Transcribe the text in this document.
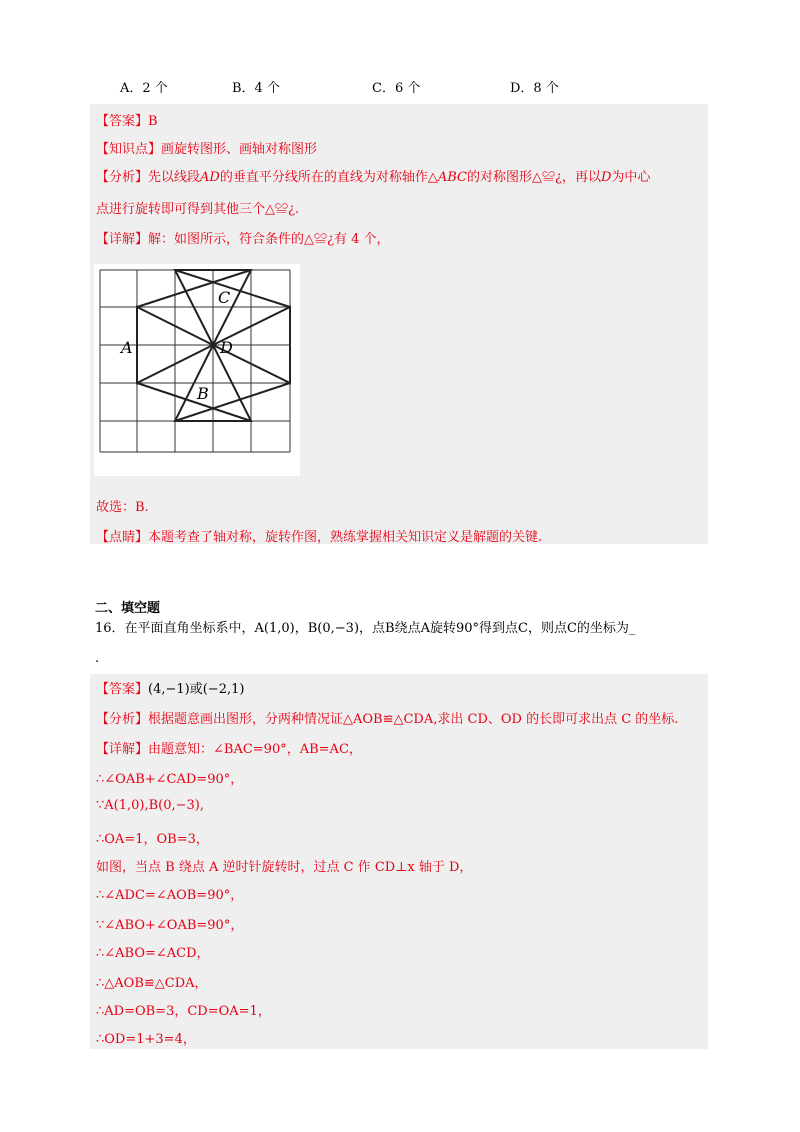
A．2 个	B．4 个	C．6 个	D．8 个
【答案】B
【知识点】画旋转图形、画轴对称图形
【分析】先以线段AD的垂直平分线所在的直线为对称轴作△ABC的对称图形△≌¿，再以D为中心
点进行旋转即可得到其他三个△≌¿.
【详解】解：如图所示，符合条件的△≌¿有 4 个，
故选：B.
【点睛】本题考查了轴对称，旋转作图，熟练掌握相关知识定义是解题的关键.
A
B
C
D
二、填空题
16．在平面直角坐标系中，A(1,0)，B(0,−3)，点B绕点A旋转90°得到点C，则点C的坐标为_
.
【答案】(4,−1)或(−2,1)
【分析】根据题意画出图形，分两种情况证△AOB≌△CDA,求出 CD、OD 的长即可求出点 C 的坐标.
【详解】由题意知：∠BAC=90°，AB=AC，
∴∠OAB+∠CAD=90°，
∵A(1,0),B(0,−3),
∴OA=1，OB=3，
如图，当点 B 绕点 A 逆时针旋转时，过点 C 作 CD⊥x 轴于 D，
∴∠ADC=∠AOB=90°，
∵∠ABO+∠OAB=90°，
∴∠ABO=∠ACD，
∴△AOB≌△CDA，
∴AD=OB=3，CD=OA=1，
∴OD=1+3=4，
